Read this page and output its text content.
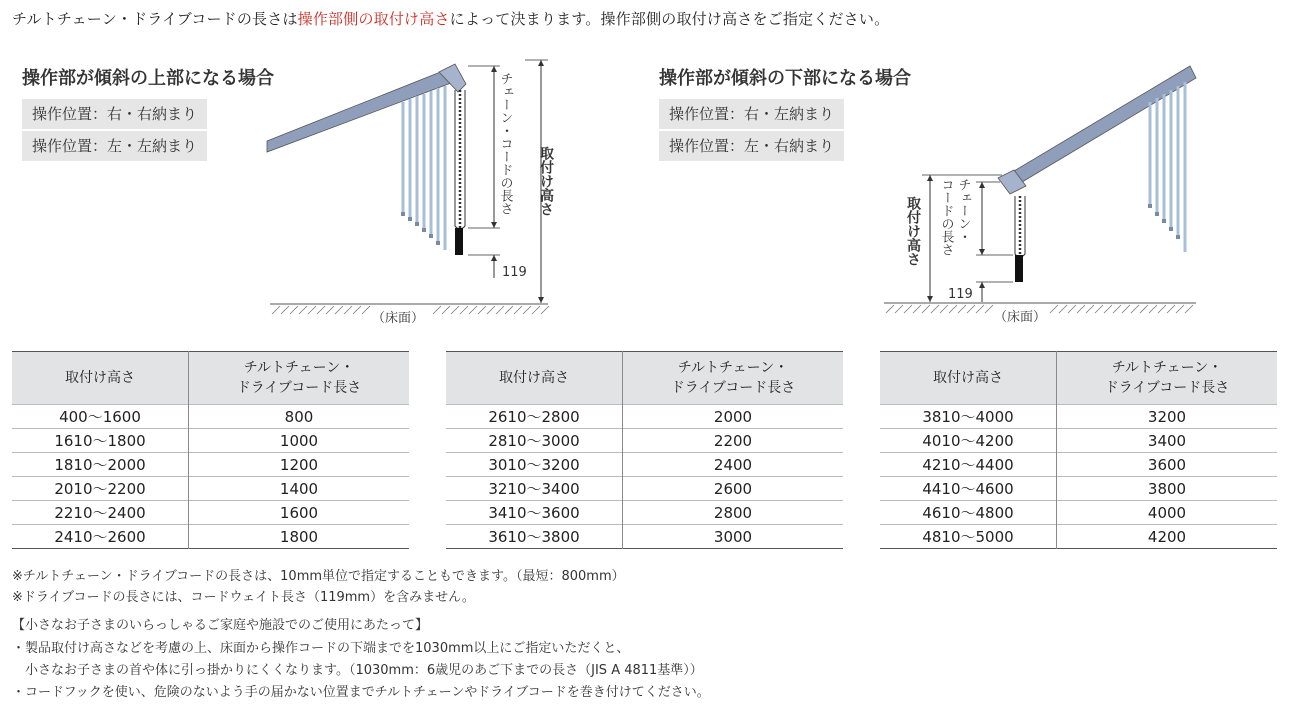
チルトチェーン・ドライブコードの長さは操作部側の取付け高さによって決まります。操作部側の取付け高さをご指定ください。
操作部が傾斜の上部になる場合
操作位置：右・右納まり
操作位置：左・左納まり
119
チェーン・コードの長さ 取付け高さ
（床面）
操作部が傾斜の下部になる場合
操作位置：右・左納まり
操作位置：左・右納まり
119
チェーン・
コードの長さ
取付け高さ
（床面）
取付け高さ	チルトチェーン・
ドライブコード長さ
400～1600	800
1610～1800	1000
1810～2000	1200
2010～2200	1400
2210～2400	1600
2410～2600	1800
取付け高さ	チルトチェーン・
ドライブコード長さ
2610～2800	2000
2810～3000	2200
3010～3200	2400
3210～3400	2600
3410～3600	2800
3610～3800	3000
取付け高さ	チルトチェーン・
ドライブコード長さ
3810～4000	3200
4010～4200	3400
4210～4400	3600
4410～4600	3800
4610～4800	4000
4810～5000	4200
※チルトチェーン・ドライブコードの長さは、10mm単位で指定することもできます。（最短：800mm）
※ドライブコードの長さには、コードウェイト長さ（119mm）を含みません。
【小さなお子さまのいらっしゃるご家庭や施設でのご使用にあたって】
・製品取付け高さなどを考慮の上、床面から操作コードの下端までを1030mm以上にご指定いただくと、
　小さなお子さまの首や体に引っ掛かりにくくなります。（1030mm：6歳児のあご下までの長さ（JIS A 4811基準））
・コードフックを使い、危険のないよう手の届かない位置までチルトチェーンやドライブコードを巻き付けてください。
